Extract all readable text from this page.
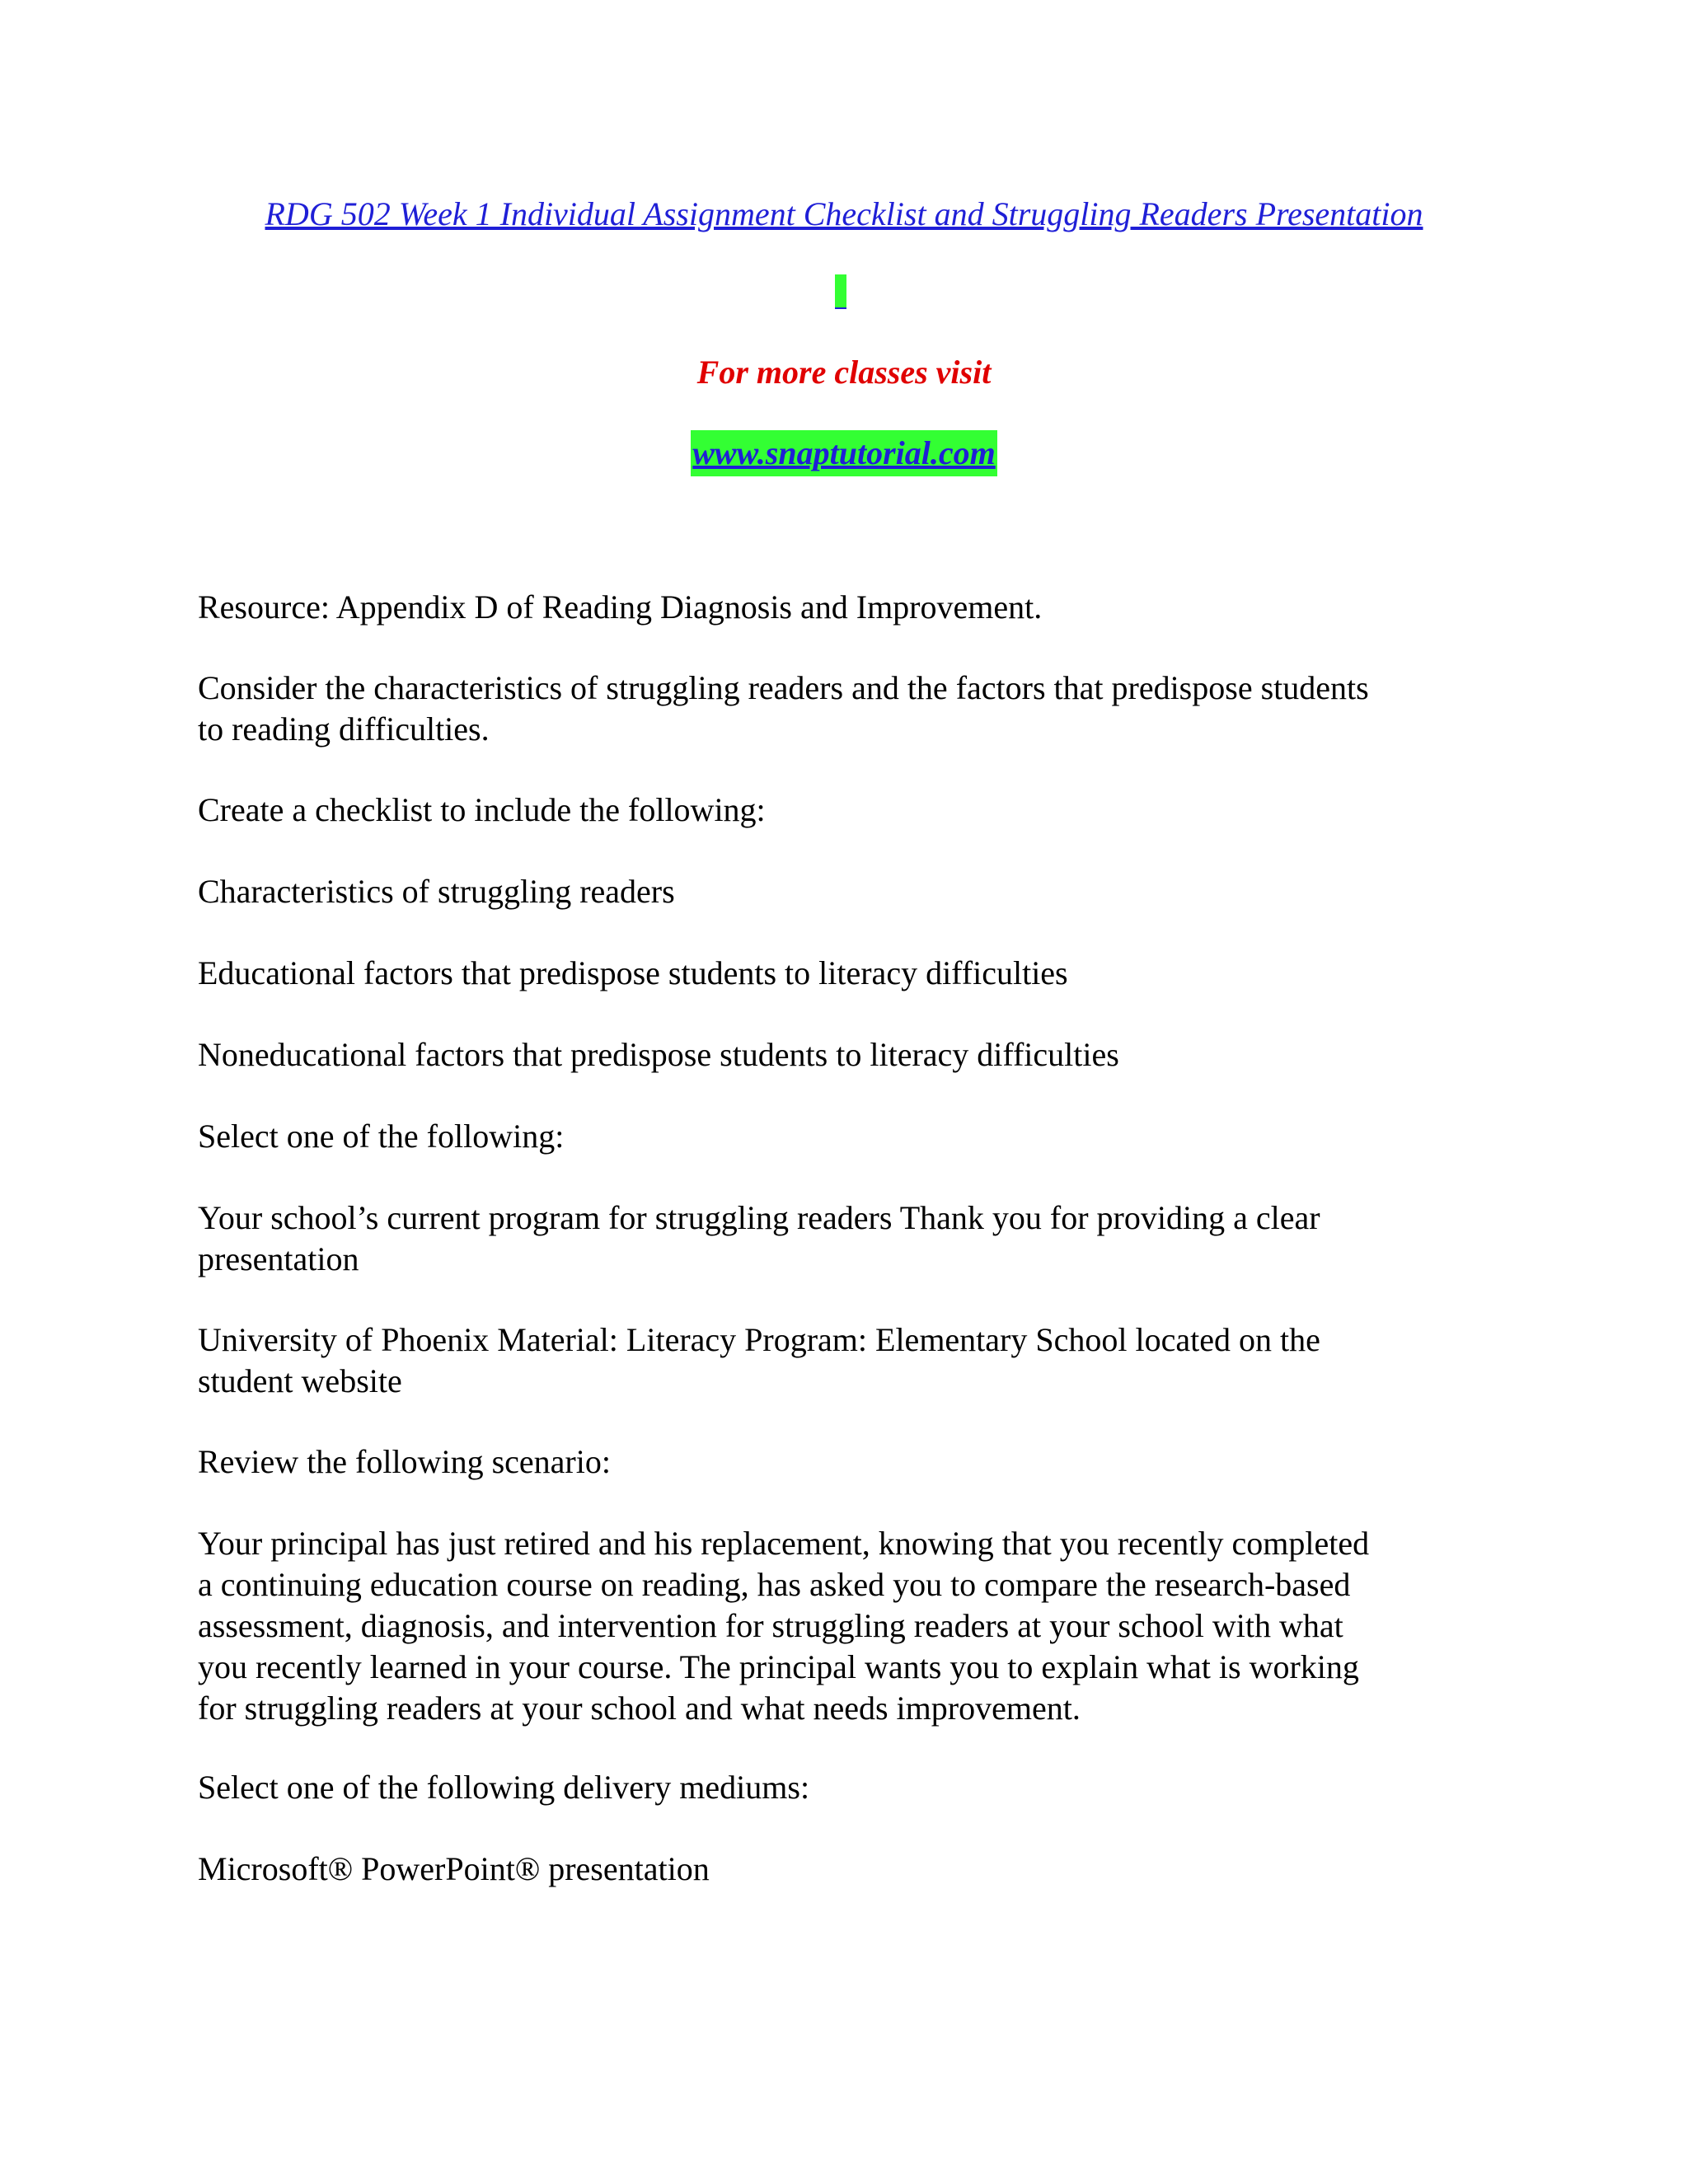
RDG 502 Week 1 Individual Assignment Checklist and Struggling Readers Presentation
For more classes visit
www.snaptutorial.com

Resource: Appendix D of Reading Diagnosis and Improvement.

Consider the characteristics of struggling readers and the factors that predispose students
to reading difficulties.

Create a checklist to include the following:

Characteristics of struggling readers

Educational factors that predispose students to literacy difficulties

Noneducational factors that predispose students to literacy difficulties

Select one of the following:

Your school’s current program for struggling readers Thank you for providing a clear
presentation

University of Phoenix Material: Literacy Program: Elementary School located on the
student website

Review the following scenario:

Your principal has just retired and his replacement, knowing that you recently completed
a continuing education course on reading, has asked you to compare the research-based
assessment, diagnosis, and intervention for struggling readers at your school with what
you recently learned in your course. The principal wants you to explain what is working
for struggling readers at your school and what needs improvement.

Select one of the following delivery mediums:

Microsoft® PowerPoint® presentation
